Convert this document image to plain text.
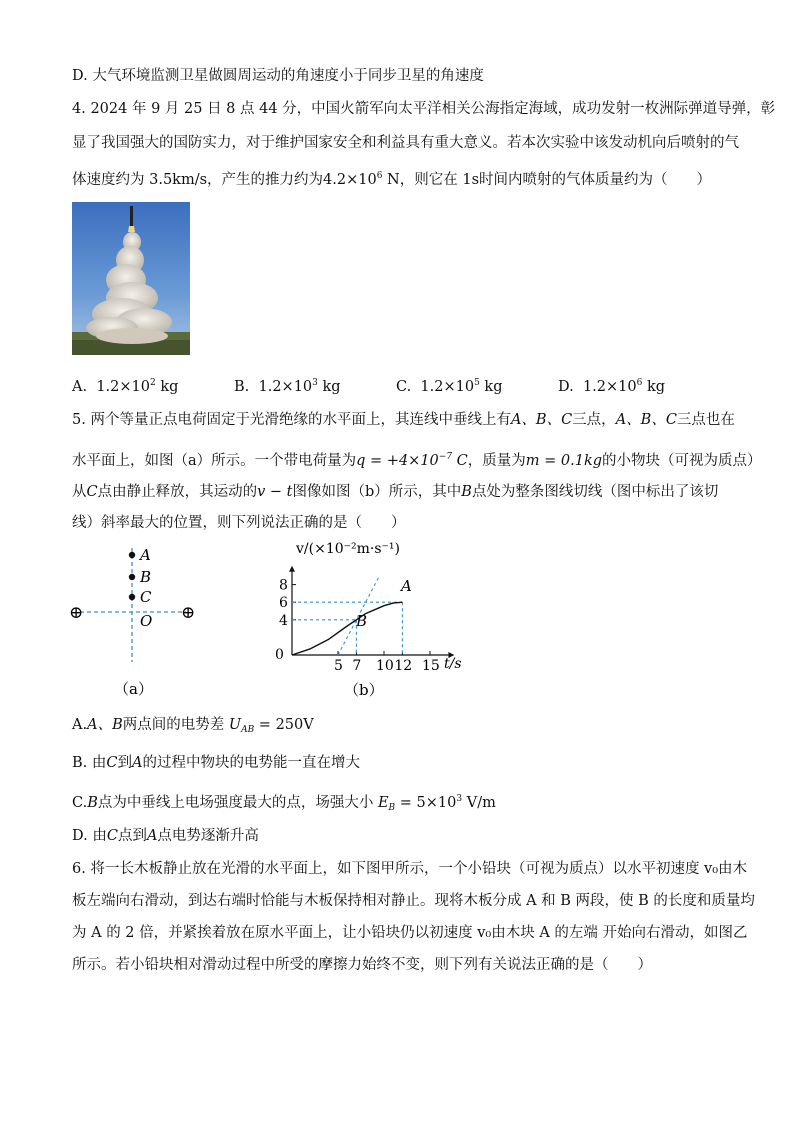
D. 大气环境监测卫星做圆周运动的角速度小于同步卫星的角速度
4. 2024 年 9 月 25 日 8 点 44 分，中国火箭军向太平洋相关公海指定海域，成功发射一枚洲际弹道导弹，彰
显了我国强大的国防实力，对于维护国家安全和利益具有重大意义。若本次实验中该发动机向后喷射的气
体速度约为 3.5km/s，产生的推力约为$4.2\times 10^6$ N，则它在 1s时间内喷射的气体质量约为（　　）
A. $1.2\times 10^2$ kg	B. $1.2\times 10^3$ kg	C. $1.2\times 10^5$ kg	D. $1.2\times 10^6$ kg
5. 两个等量正点电荷固定于光滑绝缘的水平面上，其连线中垂线上有A、B、C三点，A、B、C三点也在
水平面上，如图（a）所示。一个带电荷量为$q = +4\times 10^{-7}$ C，质量为m = 0.1kg的小物块（可视为质点）
从C点由静止释放，其运动的v − t图像如图（b）所示，其中B点处为整条图线切线（图中标出了该切
线）斜率最大的位置，则下列说法正确的是（　　）
A
B
C
O
⊕	⊕
（a）
v/(×10⁻²m·s⁻¹)
t/s
0
B
A
（b）
4
6
8
5 7 10 12 15
A.A、B两点间的电势差 $U_{AB} = 250V$
B. 由C到A的过程中物块的电势能一直在增大
C.B点为中垂线上电场强度最大的点，场强大小 $E_B = 5\times 10^3$ V/m
D. 由C点到A点电势逐渐升高
6. 将一长木板静止放在光滑的水平面上，如下图甲所示，一个小铅块（可视为质点）以水平初速度 v₀由木
板左端向右滑动，到达右端时恰能与木板保持相对静止。现将木板分成 A 和 B 两段，使 B 的长度和质量均
为 A 的 2 倍，并紧挨着放在原水平面上，让小铅块仍以初速度 v₀由木块 A 的左端 开始向右滑动，如图乙
所示。若小铅块相对滑动过程中所受的摩擦力始终不变，则下列有关说法正确的是（　　）
